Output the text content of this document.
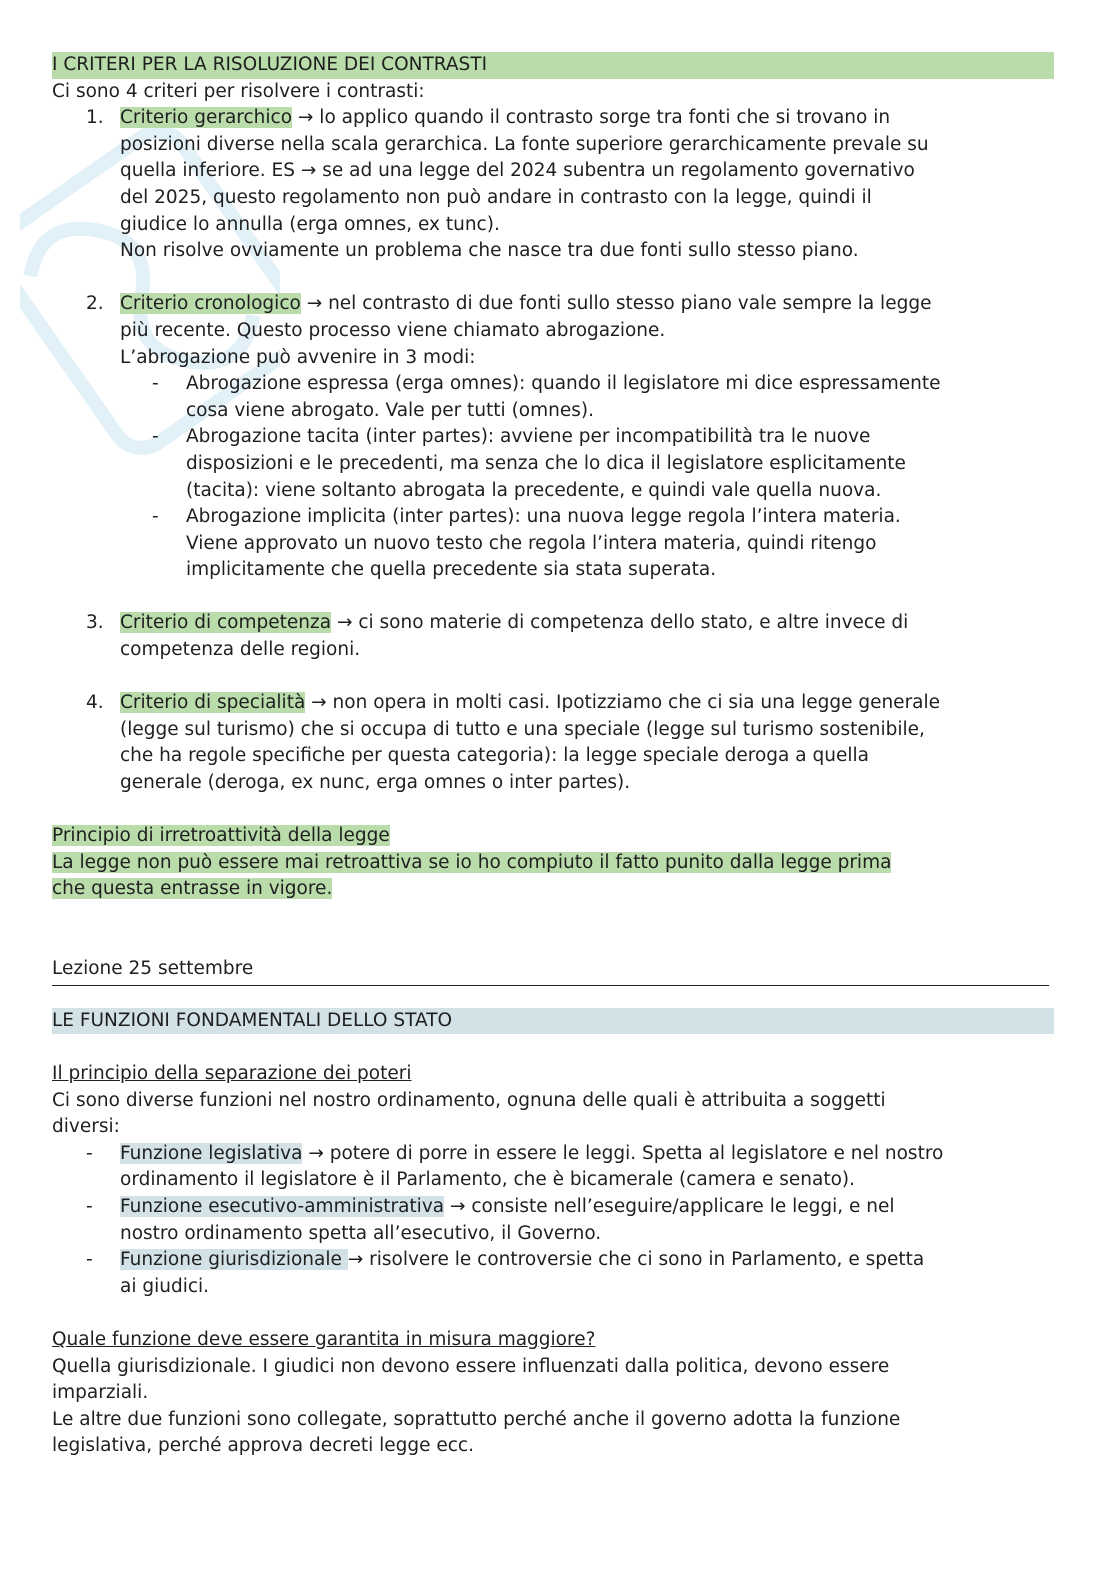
I CRITERI PER LA RISOLUZIONE DEI CONTRASTI
Ci sono 4 criteri per risolvere i contrasti:
1. Criterio gerarchico → lo applico quando il contrasto sorge tra fonti che si trovano in
posizioni diverse nella scala gerarchica. La fonte superiore gerarchicamente prevale su
quella inferiore. ES → se ad una legge del 2024 subentra un regolamento governativo
del 2025, questo regolamento non può andare in contrasto con la legge, quindi il
giudice lo annulla (erga omnes, ex tunc).
Non risolve ovviamente un problema che nasce tra due fonti sullo stesso piano.
2. Criterio cronologico → nel contrasto di due fonti sullo stesso piano vale sempre la legge
più recente. Questo processo viene chiamato abrogazione.
L’abrogazione può avvenire in 3 modi:
- Abrogazione espressa (erga omnes): quando il legislatore mi dice espressamente
cosa viene abrogato. Vale per tutti (omnes).
- Abrogazione tacita (inter partes): avviene per incompatibilità tra le nuove
disposizioni e le precedenti, ma senza che lo dica il legislatore esplicitamente
(tacita): viene soltanto abrogata la precedente, e quindi vale quella nuova.
- Abrogazione implicita (inter partes): una nuova legge regola l’intera materia.
Viene approvato un nuovo testo che regola l’intera materia, quindi ritengo
implicitamente che quella precedente sia stata superata.
3. Criterio di competenza → ci sono materie di competenza dello stato, e altre invece di
competenza delle regioni.
4. Criterio di specialità → non opera in molti casi. Ipotizziamo che ci sia una legge generale
(legge sul turismo) che si occupa di tutto e una speciale (legge sul turismo sostenibile,
che ha regole specifiche per questa categoria): la legge speciale deroga a quella
generale (deroga, ex nunc, erga omnes o inter partes).
Principio di irretroattività della legge
La legge non può essere mai retroattiva se io ho compiuto il fatto punito dalla legge prima
che questa entrasse in vigore.
Lezione 25 settembre
LE FUNZIONI FONDAMENTALI DELLO STATO
Il principio della separazione dei poteri
Ci sono diverse funzioni nel nostro ordinamento, ognuna delle quali è attribuita a soggetti
diversi:
- Funzione legislativa → potere di porre in essere le leggi. Spetta al legislatore e nel nostro
ordinamento il legislatore è il Parlamento, che è bicamerale (camera e senato).
- Funzione esecutivo-amministrativa → consiste nell’eseguire/applicare le leggi, e nel
nostro ordinamento spetta all’esecutivo, il Governo.
- Funzione giurisdizionale → risolvere le controversie che ci sono in Parlamento, e spetta
ai giudici.
Quale funzione deve essere garantita in misura maggiore?
Quella giurisdizionale. I giudici non devono essere influenzati dalla politica, devono essere
imparziali.
Le altre due funzioni sono collegate, soprattutto perché anche il governo adotta la funzione
legislativa, perché approva decreti legge ecc.
